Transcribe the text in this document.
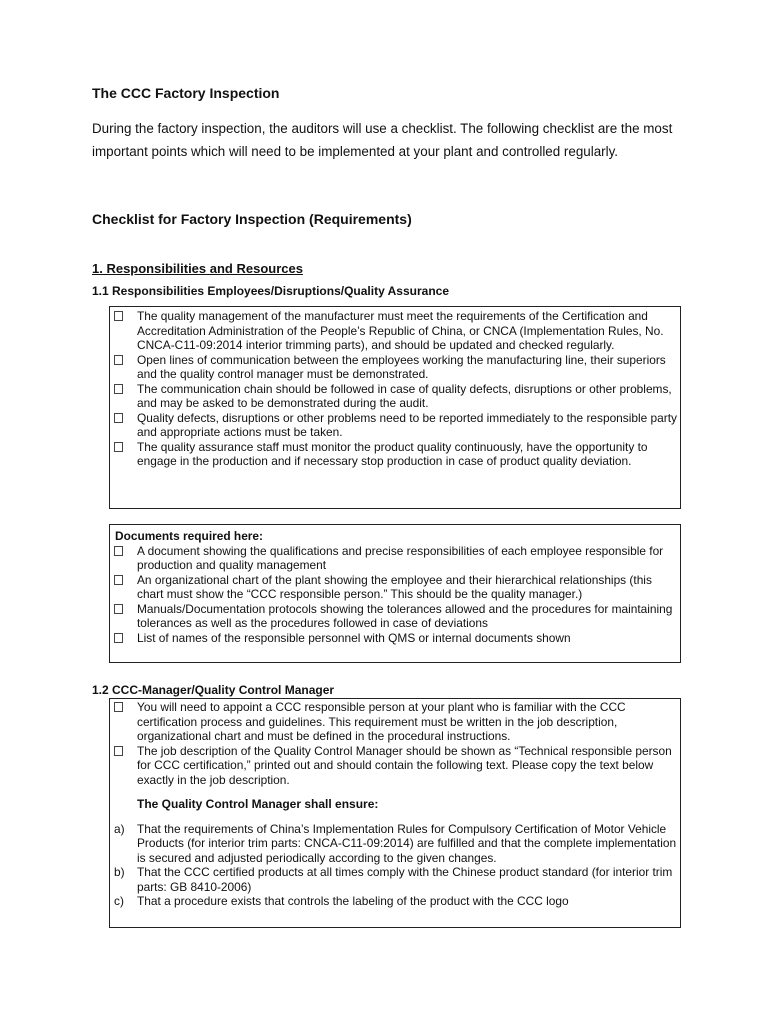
The CCC Factory Inspection
During the factory inspection, the auditors will use a checklist. The following checklist are the most important points which will need to be implemented at your plant and controlled regularly.
Checklist for Factory Inspection (Requirements)
1. Responsibilities and Resources
1.1 Responsibilities Employees/Disruptions/Quality Assurance
The quality management of the manufacturer must meet the requirements of the Certification and Accreditation Administration of the People’s Republic of China, or CNCA (Implementation Rules, No. CNCA-C11-09:2014 interior trimming parts), and should be updated and checked regularly.
Open lines of communication between the employees working the manufacturing line, their superiors and the quality control manager must be demonstrated.
The communication chain should be followed in case of quality defects, disruptions or other problems, and may be asked to be demonstrated during the audit.
Quality defects, disruptions or other problems need to be reported immediately to the responsible party and appropriate actions must be taken.
The quality assurance staff must monitor the product quality continuously, have the opportunity to engage in the production and if necessary stop production in case of product quality deviation.
Documents required here:
A document showing the qualifications and precise responsibilities of each employee responsible for production and quality management
An organizational chart of the plant showing the employee and their hierarchical relationships (this chart must show the “CCC responsible person.” This should be the quality manager.)
Manuals/Documentation protocols showing the tolerances allowed and the procedures for maintaining tolerances as well as the procedures followed in case of deviations
List of names of the responsible personnel with QMS or internal documents shown
1.2 CCC-Manager/Quality Control Manager
You will need to appoint a CCC responsible person at your plant who is familiar with the CCC certification process and guidelines. This requirement must be written in the job description, organizational chart and must be defined in the procedural instructions.
The job description of the Quality Control Manager should be shown as “Technical responsible person for CCC certification,” printed out and should contain the following text. Please copy the text below exactly in the job description.
The Quality Control Manager shall ensure:
a) That the requirements of China’s Implementation Rules for Compulsory Certification of Motor Vehicle Products (for interior trim parts: CNCA-C11-09:2014) are fulfilled and that the complete implementation is secured and adjusted periodically according to the given changes.
b) That the CCC certified products at all times comply with the Chinese product standard (for interior trim parts: GB 8410-2006)
c) That a procedure exists that controls the labeling of the product with the CCC logo
